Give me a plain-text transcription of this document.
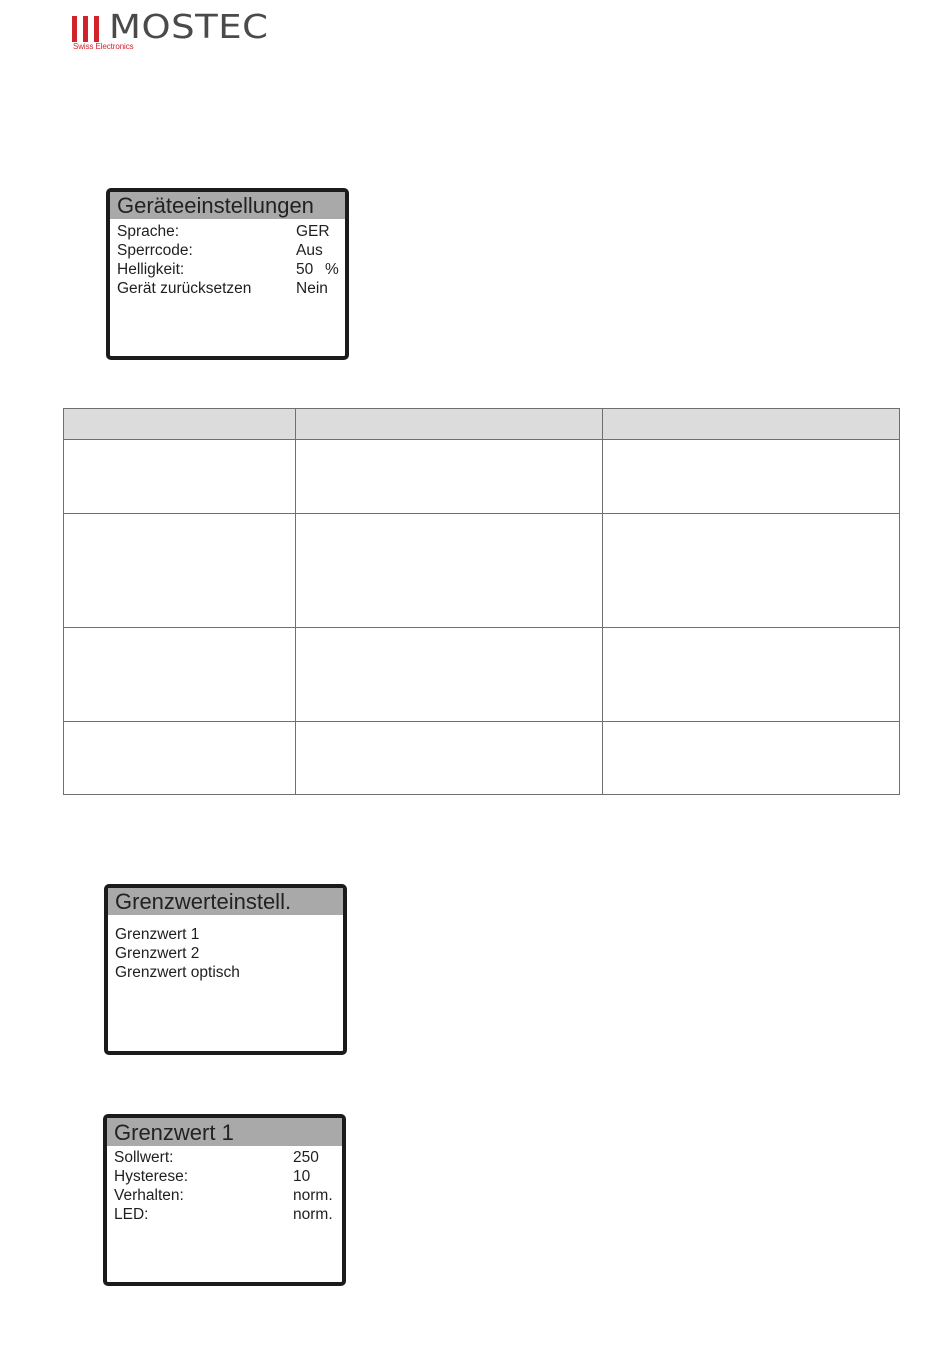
MOSTEC
Swiss Electronics
Geräteeinstellungen
Sprache:	GER
Sperrcode:	Aus
Helligkeit:	50 %
Gerät zurücksetzen	Nein

Grenzwerteinstell.
Grenzwert 1
Grenzwert 2
Grenzwert optisch
Grenzwert 1
Sollwert:	250
Hysterese:	10
Verhalten:	norm.
LED:	norm.
